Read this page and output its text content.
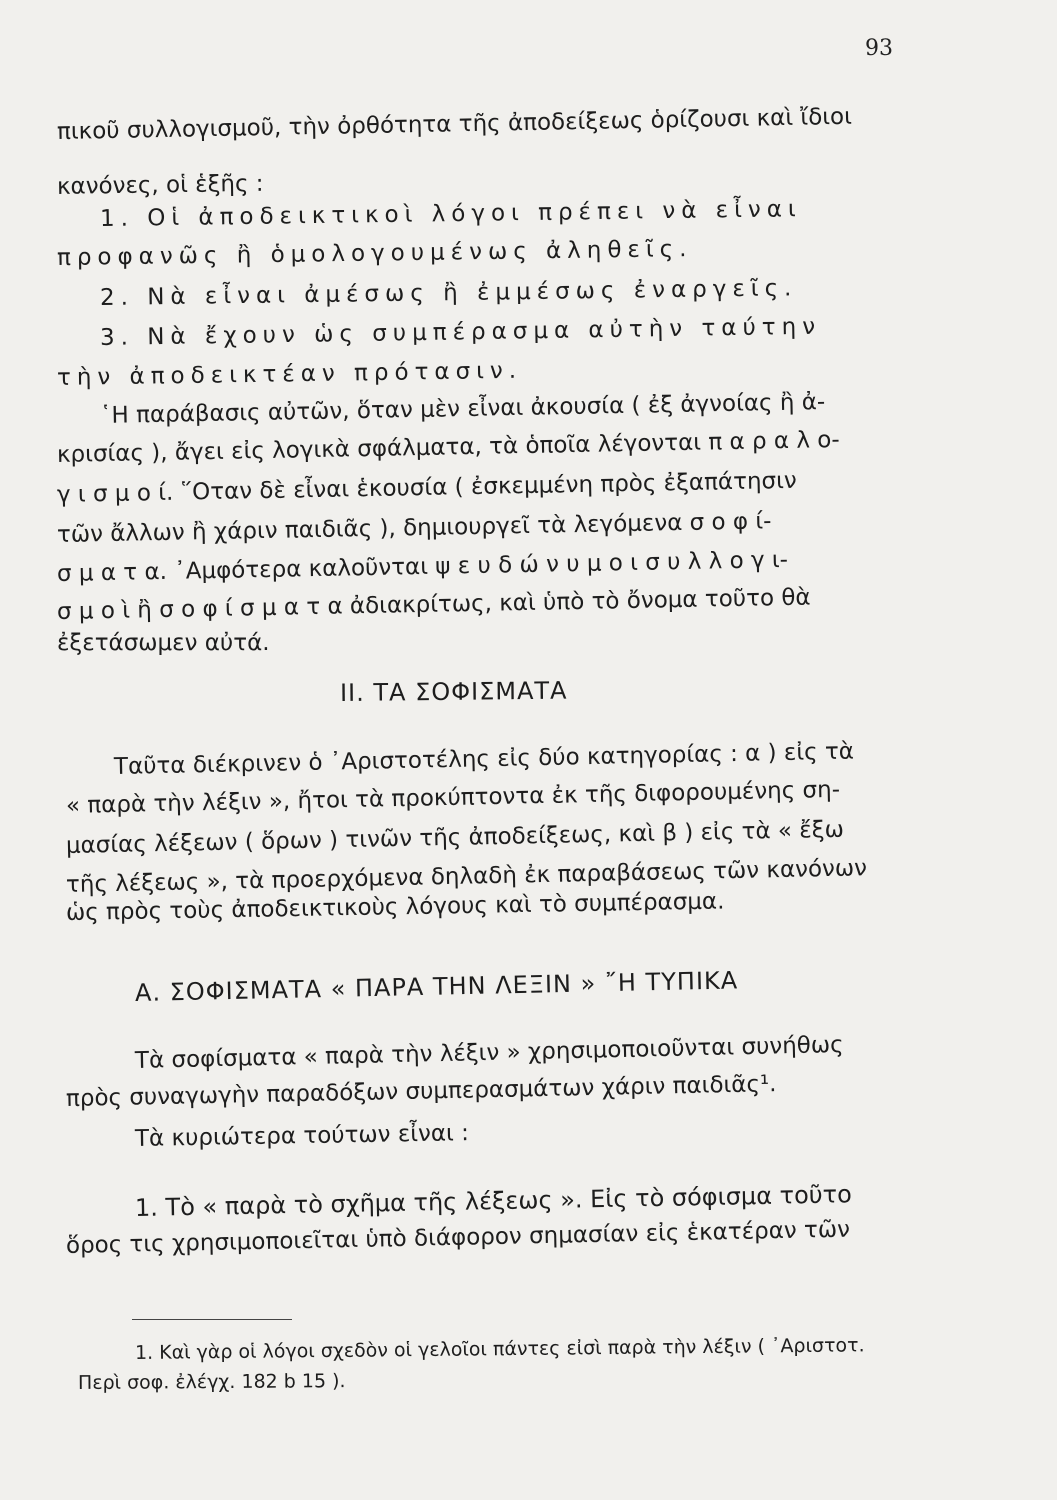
93
πικοῦ συλλογισμοῦ, τὴν ὀρθότητα τῆς ἀποδείξεως ὁρίζουσι καὶ ἴδιοι
κανόνες, οἱ ἑξῆς :
1. Οἱ ἀποδεικτικοὶ λόγοι πρέπει νὰ εἶναι
προφανῶς ἢ ὁμολογουμένως ἀληθεῖς.
2. Νὰ εἶναι ἀμέσως ἢ ἐμμέσως ἐναργεῖς.
3. Νὰ ἔχουν ὡς συμπέρασμα αὐτὴν ταύτην
τὴν ἀποδεικτέαν πρότασιν.
῾Η παράβασις αὐτῶν, ὅταν μὲν εἶναι ἀκουσία ( ἐξ ἀγνοίας ἢ ἀ-
κρισίας ), ἄγει εἰς λογικὰ σφάλματα, τὰ ὁποῖα λέγονται π α ρ α λ ο-
γ ι σ μ ο ί. ῞Οταν δὲ εἶναι ἑκουσία ( ἐσκεμμένη πρὸς ἐξαπάτησιν
τῶν ἄλλων ἢ χάριν παιδιᾶς ), δημιουργεῖ τὰ λεγόμενα σ ο φ ί-
σ μ α τ α. ᾿Αμφότερα καλοῦνται ψ ε υ δ ώ ν υ μ ο ι σ υ λ λ ο γ ι-
σ μ ο ὶ ἢ σ ο φ ί σ μ α τ α ἀδιακρίτως, καὶ ὑπὸ τὸ ὄνομα τοῦτο θὰ
ἐξετάσωμεν αὐτά.
ΙΙ. ΤΑ ΣΟΦΙΣΜΑΤΑ
Ταῦτα διέκρινεν ὁ ᾿Αριστοτέλης εἰς δύο κατηγορίας : α ) εἰς τὰ
« παρὰ τὴν λέξιν », ἤτοι τὰ προκύπτοντα ἐκ τῆς διφορουμένης ση-
μασίας λέξεων ( ὅρων ) τινῶν τῆς ἀποδείξεως, καὶ β ) εἰς τὰ « ἔξω
τῆς λέξεως », τὰ προερχόμενα δηλαδὴ ἐκ παραβάσεως τῶν κανόνων
ὡς πρὸς τοὺς ἀποδεικτικοὺς λόγους καὶ τὸ συμπέρασμα.
Α. ΣΟΦΙΣΜΑΤΑ « ΠΑΡΑ ΤΗΝ ΛΕΞΙΝ » ῎Η ΤΥΠΙΚΑ
Τὰ σοφίσματα « παρὰ τὴν λέξιν » χρησιμοποιοῦνται συνήθως
πρὸς συναγωγὴν παραδόξων συμπερασμάτων χάριν παιδιᾶς¹.
Τὰ κυριώτερα τούτων εἶναι :
1. Τὸ « παρὰ τὸ σχῆμα τῆς λέξεως ». Εἰς τὸ σόφισμα τοῦτο
ὅρος τις χρησιμοποιεῖται ὑπὸ διάφορον σημασίαν εἰς ἑκατέραν τῶν
1. Καὶ γὰρ οἱ λόγοι σχεδὸν οἱ γελοῖοι πάντες εἰσὶ παρὰ τὴν λέξιν ( ᾿Αριστοτ.
Περὶ σοφ. ἐλέγχ. 182 b 15 ).
